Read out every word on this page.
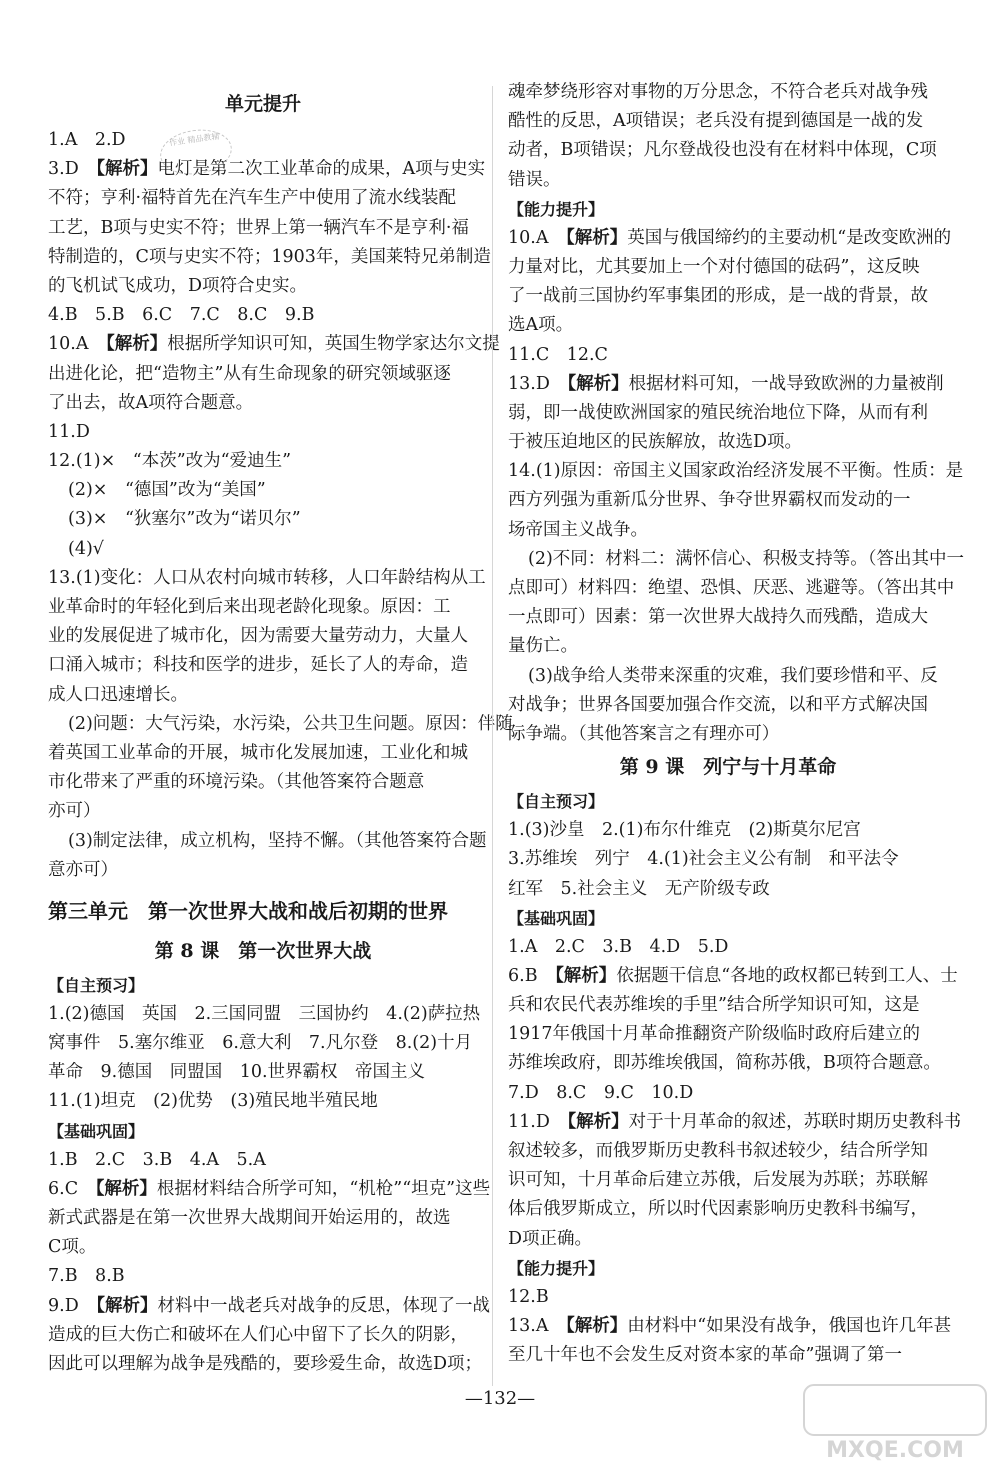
单元提升
1.A　2.D
3.D　【解析】电灯是第二次工业革命的成果，A项与史实
不符；亨利·福特首先在汽车生产中使用了流水线装配
工艺，B项与史实不符；世界上第一辆汽车不是亨利·福
特制造的，C项与史实不符；1903年，美国莱特兄弟制造
的飞机试飞成功，D项符合史实。
4.B　5.B　6.C　7.C　8.C　9.B
10.A　【解析】根据所学知识可知，英国生物学家达尔文提
出进化论，把“造物主”从有生命现象的研究领域驱逐
了出去，故A项符合题意。
11.D
12.(1)×　“本茨”改为“爱迪生”
(2)×　“德国”改为“美国”
(3)×　“狄塞尔”改为“诺贝尔”
(4)√
13.(1)变化：人口从农村向城市转移，人口年龄结构从工
业革命时的年轻化到后来出现老龄化现象。原因：工
业的发展促进了城市化，因为需要大量劳动力，大量人
口涌入城市；科技和医学的进步，延长了人的寿命，造
成人口迅速增长。
(2)问题：大气污染，水污染，公共卫生问题。原因：伴随
着英国工业革命的开展，城市化发展加速，工业化和城
市化带来了严重的环境污染。（其他答案符合题意
亦可）
(3)制定法律，成立机构，坚持不懈。（其他答案符合题
意亦可）
第三单元　第一次世界大战和战后初期的世界
第 8 课　第一次世界大战
【自主预习】
1.(2)德国　英国　2.三国同盟　三国协约　4.(2)萨拉热
窝事件　5.塞尔维亚　6.意大利　7.凡尔登　8.(2)十月
革命　9.德国　同盟国　10.世界霸权　帝国主义
11.(1)坦克　(2)优势　(3)殖民地半殖民地
【基础巩固】
1.B　2.C　3.B　4.A　5.A
6.C　【解析】根据材料结合所学可知，“机枪”“坦克”这些
新式武器是在第一次世界大战期间开始运用的，故选
C项。
7.B　8.B
9.D　【解析】材料中一战老兵对战争的反思，体现了一战
造成的巨大伤亡和破坏在人们心中留下了长久的阴影，
因此可以理解为战争是残酷的，要珍爱生命，故选D项；
魂牵梦绕形容对事物的万分思念，不符合老兵对战争残
酷性的反思，A项错误；老兵没有提到德国是一战的发
动者，B项错误；凡尔登战役也没有在材料中体现，C项
错误。
【能力提升】
10.A　【解析】英国与俄国缔约的主要动机“是改变欧洲的
力量对比，尤其要加上一个对付德国的砝码”，这反映
了一战前三国协约军事集团的形成，是一战的背景，故
选A项。
11.C　12.C
13.D　【解析】根据材料可知，一战导致欧洲的力量被削
弱，即一战使欧洲国家的殖民统治地位下降，从而有利
于被压迫地区的民族解放，故选D项。
14.(1)原因：帝国主义国家政治经济发展不平衡。性质：是
西方列强为重新瓜分世界、争夺世界霸权而发动的一
场帝国主义战争。
(2)不同：材料二：满怀信心、积极支持等。（答出其中一
点即可）材料四：绝望、恐惧、厌恶、逃避等。（答出其中
一点即可）因素：第一次世界大战持久而残酷，造成大
量伤亡。
(3)战争给人类带来深重的灾难，我们要珍惜和平、反
对战争；世界各国要加强合作交流，以和平方式解决国
际争端。（其他答案言之有理亦可）
第 9 课　列宁与十月革命
【自主预习】
1.(3)沙皇　2.(1)布尔什维克　(2)斯莫尔尼宫
3.苏维埃　列宁　4.(1)社会主义公有制　和平法令
红军　5.社会主义　无产阶级专政
【基础巩固】
1.A　2.C　3.B　4.D　5.D
6.B　【解析】依据题干信息“各地的政权都已转到工人、士
兵和农民代表苏维埃的手里”结合所学知识可知，这是
1917年俄国十月革命推翻资产阶级临时政府后建立的
苏维埃政府，即苏维埃俄国，简称苏俄，B项符合题意。
7.D　8.C　9.C　10.D
11.D　【解析】对于十月革命的叙述，苏联时期历史教科书
叙述较多，而俄罗斯历史教科书叙述较少，结合所学知
识可知，十月革命后建立苏俄，后发展为苏联；苏联解
体后俄罗斯成立，所以时代因素影响历史教科书编写，
D项正确。
【能力提升】
12.B
13.A　【解析】由材料中“如果没有战争，俄国也许几年甚
至几十年也不会发生反对资本家的革命”强调了第一
作业 精品教辅
—132—
MXQE.COM
